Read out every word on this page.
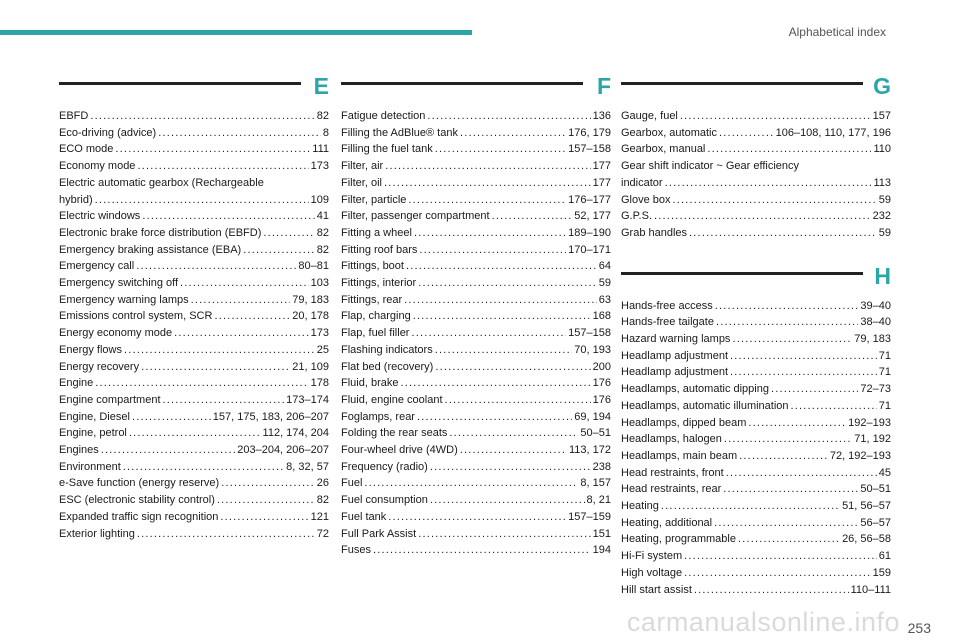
Alphabetical index
E
EBFD .....	82
Eco-driving (advice) .....	8
ECO mode .....	111
Economy mode .....	173
Electric automatic gearbox (Rechargeable
hybrid) .....	109
Electric windows .....	41
Electronic brake force distribution (EBFD) .....	82
Emergency braking assistance (EBA) .....	82
Emergency call .....	80–81
Emergency switching off .....	103
Emergency warning lamps .....	79, 183
Emissions control system, SCR .....	20, 178
Energy economy mode .....	173
Energy flows .....	25
Energy recovery .....	21, 109
Engine .....	178
Engine compartment .....	173–174
Engine, Diesel .....	157, 175, 183, 206–207
Engine, petrol .....	112, 174, 204
Engines .....	203–204, 206–207
Environment .....	8, 32, 57
e-Save function (energy reserve) .....	26
ESC (electronic stability control) .....	82
Expanded traffic sign recognition .....	121
Exterior lighting .....	72
F
Fatigue detection .....	136
Filling the AdBlue® tank .....	176, 179
Filling the fuel tank .....	157–158
Filter, air .....	177
Filter, oil .....	177
Filter, particle .....	176–177
Filter, passenger compartment .....	52, 177
Fitting a wheel .....	189–190
Fitting roof bars .....	170–171
Fittings, boot .....	64
Fittings, interior .....	59
Fittings, rear .....	63
Flap, charging .....	168
Flap, fuel filler .....	157–158
Flashing indicators .....	70, 193
Flat bed (recovery) .....	200
Fluid, brake .....	176
Fluid, engine coolant .....	176
Foglamps, rear .....	69, 194
Folding the rear seats .....	50–51
Four-wheel drive (4WD) .....	113, 172
Frequency (radio) .....	238
Fuel .....	8, 157
Fuel consumption .....	8, 21
Fuel tank .....	157–159
Full Park Assist .....	151
Fuses .....	194
G
Gauge, fuel .....	157
Gearbox, automatic .....	106–108, 110, 177, 196
Gearbox, manual .....	110
Gear shift indicator ~ Gear efficiency
indicator .....	113
Glove box .....	59
G.P.S. .....	232
Grab handles .....	59
H
Hands-free access .....	39–40
Hands-free tailgate .....	38–40
Hazard warning lamps .....	79, 183
Headlamp adjustment .....	71
Headlamp adjustment .....	71
Headlamps, automatic dipping .....	72–73
Headlamps, automatic illumination .....	71
Headlamps, dipped beam .....	192–193
Headlamps, halogen .....	71, 192
Headlamps, main beam .....	72, 192–193
Head restraints, front .....	45
Head restraints, rear .....	50–51
Heating .....	51, 56–57
Heating, additional .....	56–57
Heating, programmable .....	26, 56–58
Hi-Fi system .....	61
High voltage .....	159
Hill start assist .....	110–111
carmanualsonline.info 253
